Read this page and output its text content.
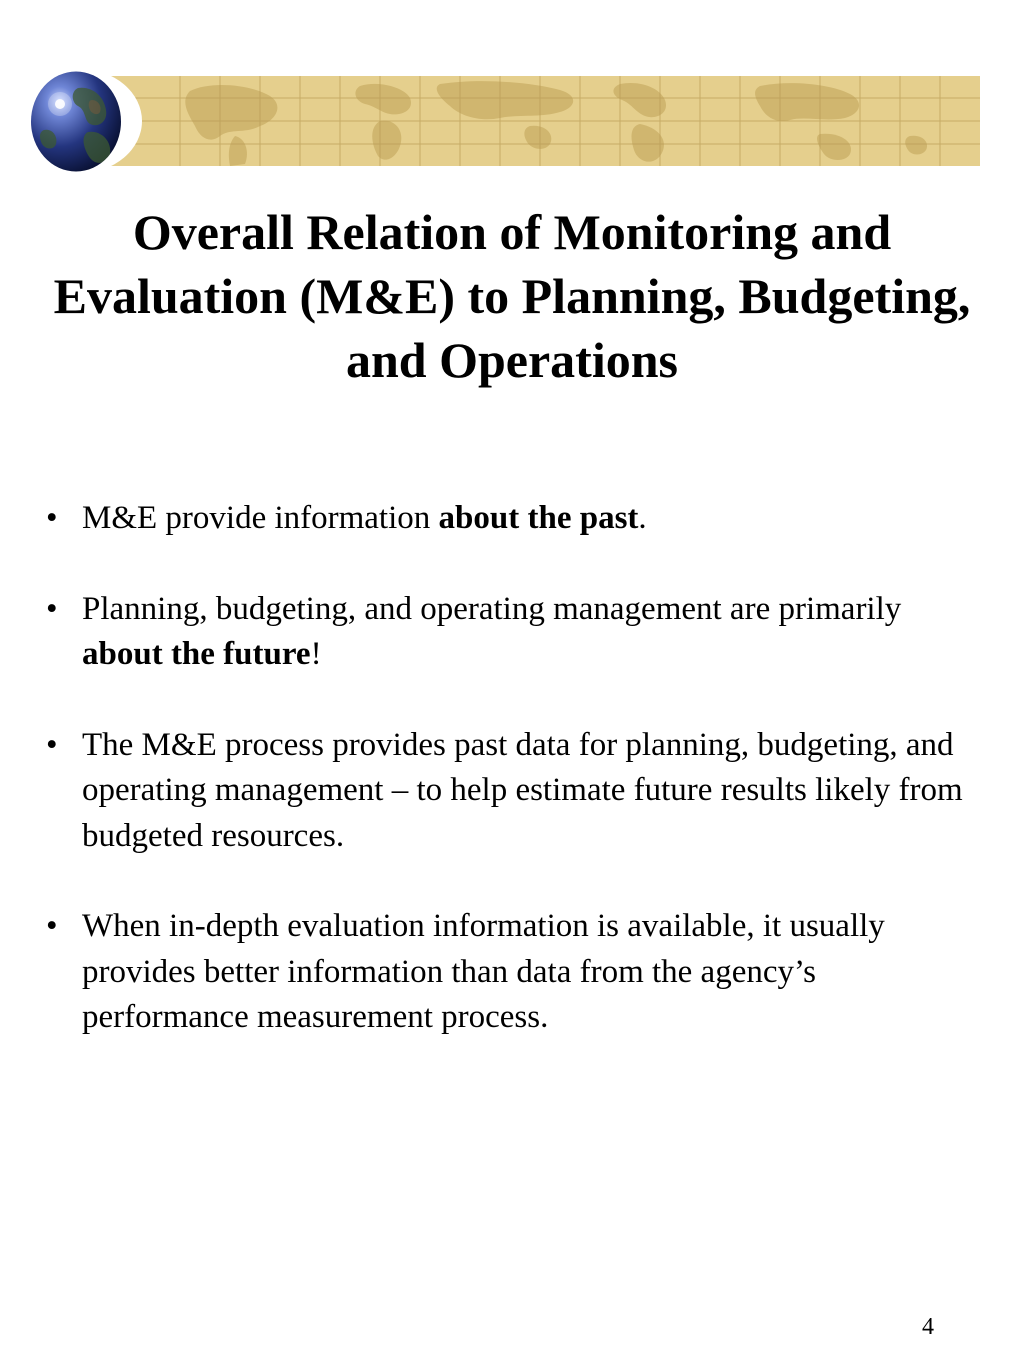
Overall Relation of Monitoring and
Evaluation (M&E) to Planning, Budgeting,
and Operations
• M&E provide information about the past.
• Planning, budgeting, and operating management are primarily about the future!
• The M&E process provides past data for planning, budgeting, and operating management – to help estimate future results likely from budgeted resources.
• When in-depth evaluation information is available, it usually provides better information than data from the agency’s performance measurement process.
4
